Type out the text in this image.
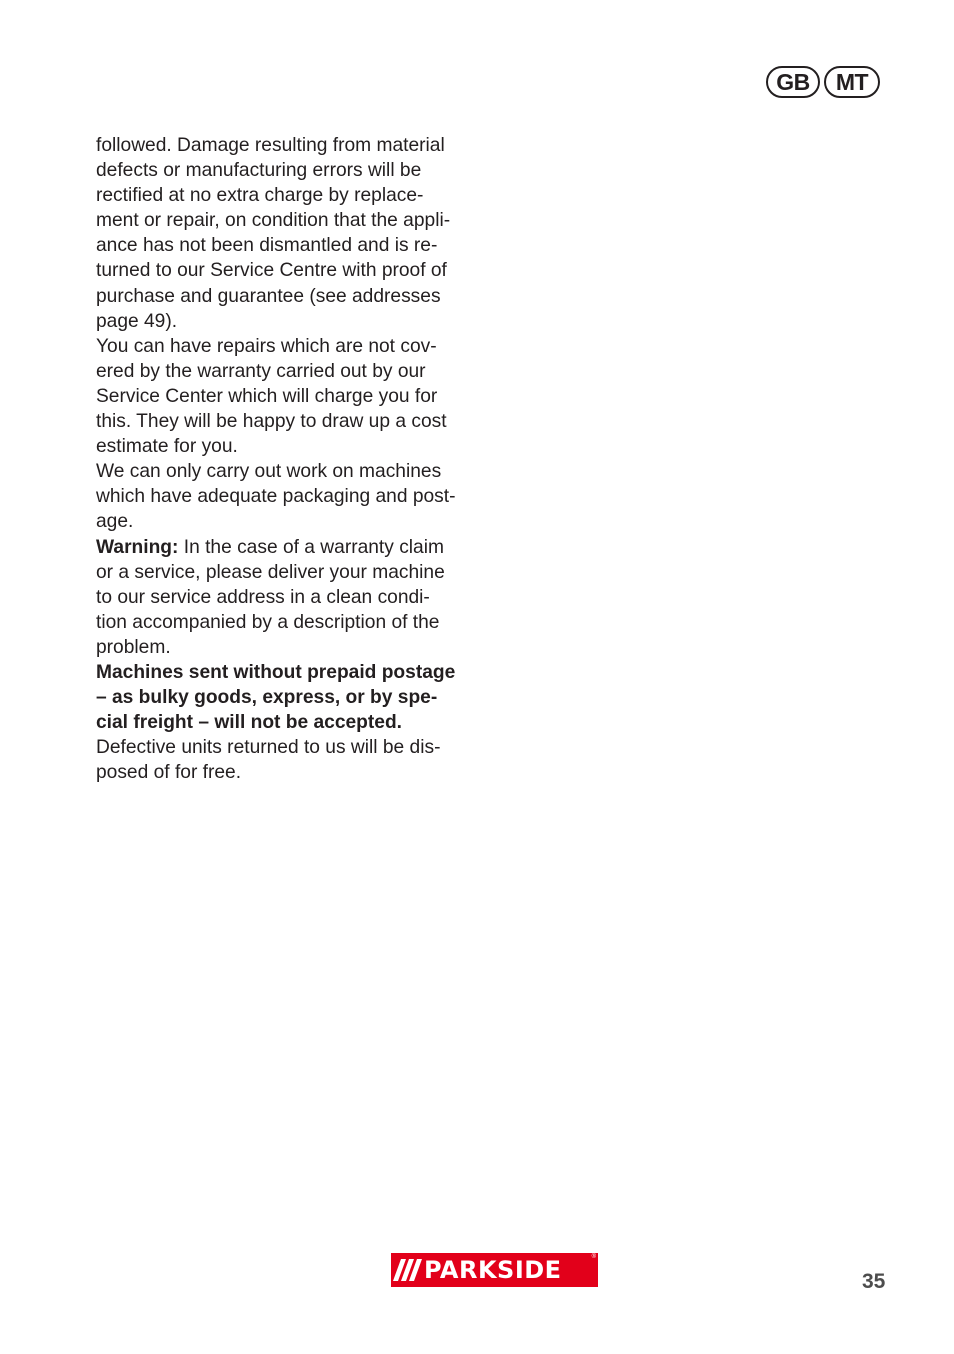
GB	MT

followed. Damage resulting from material
defects or manufacturing errors will be
rectified at no extra charge by replace-
ment or repair, on condition that the appli-
ance has not been dismantled and is re-
turned to our Service Centre with proof of
purchase and guarantee (see addresses
page 49).

You can have repairs which are not cov-
ered by the warranty carried out by our
Service Center which will charge you for
this. They will be happy to draw up a cost
estimate for you.

We can only carry out work on machines
which have adequate packaging and post-
age.

Warning: In the case of a warranty claim
or a service, please deliver your machine
to our service address in a clean condi-
tion accompanied by a description of the
problem.

Machines sent without prepaid postage
– as bulky goods, express, or by spe-
cial freight – will not be accepted.

Defective units returned to us will be dis-
posed of for free.

PARKSIDE	®
35
